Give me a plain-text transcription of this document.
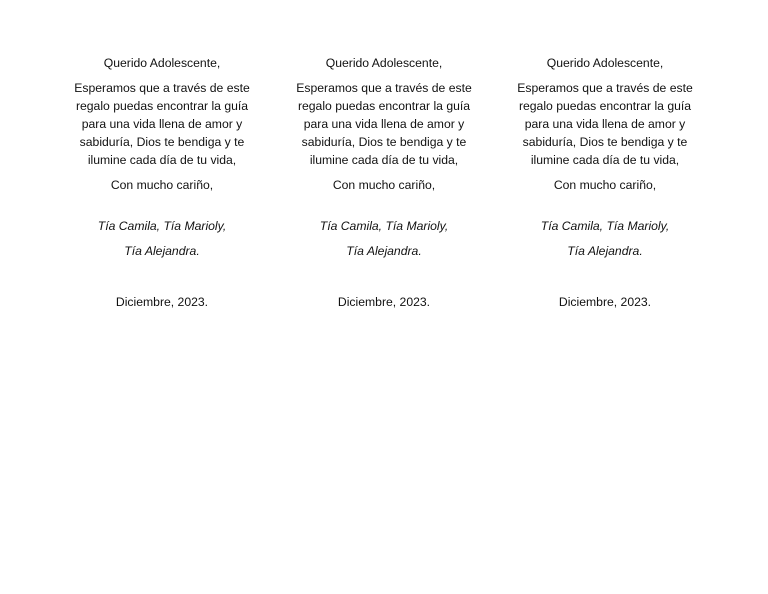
Querido Adolescente,

Esperamos que a través de este regalo puedas encontrar la guía para una vida llena de amor y sabiduría, Dios te bendiga y te ilumine cada día de tu vida,

Con mucho cariño,

Tía Camila, Tía Marioly,

Tía Alejandra.

Diciembre, 2023.

Querido Adolescente,

Esperamos que a través de este regalo puedas encontrar la guía para una vida llena de amor y sabiduría, Dios te bendiga y te ilumine cada día de tu vida,

Con mucho cariño,

Tía Camila, Tía Marioly,

Tía Alejandra.

Diciembre, 2023.

Querido Adolescente,

Esperamos que a través de este regalo puedas encontrar la guía para una vida llena de amor y sabiduría, Dios te bendiga y te ilumine cada día de tu vida,

Con mucho cariño,

Tía Camila, Tía Marioly,

Tía Alejandra.

Diciembre, 2023.
